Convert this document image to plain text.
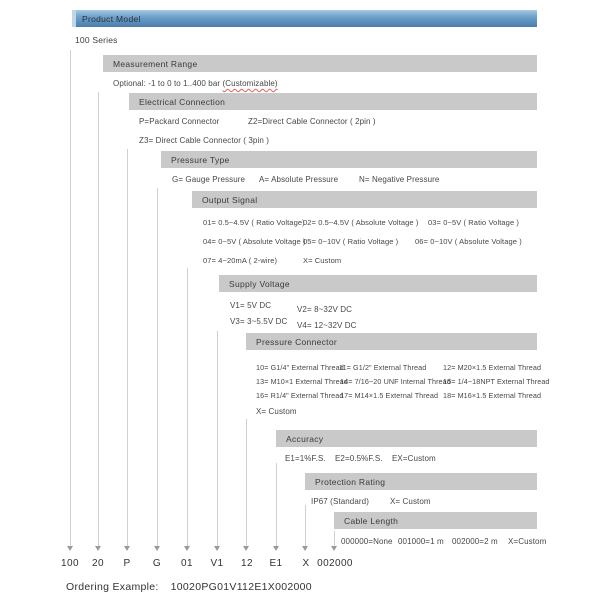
Product Model
100 Series
Measurement Range
Electrical Connection
Pressure Type
Output Signal
Supply Voltage
Pressure Connector
Accuracy
Protection Rating
Cable Length
Optional: -1 to 0 to 1..400 bar (Customizable)
P=Packard Connector	Z2=Direct Cable Connector ( 2pin )
Z3= Direct Cable Connector ( 3pin )
G= Gauge Pressure A= Absolute Pressure	N= Negative Pressure
01= 0.5~4.5V ( Ratio Voltage)
02= 0.5~4.5V ( Absolute Voltage ) 03= 0~5V ( Ratio Voltage )
04= 0~5V ( Absolute Voltage )
05= 0~10V ( Ratio Voltage ) 06= 0~10V ( Absolute Voltage )
07= 4~20mA ( 2-wire)	X= Custom
V1= 5V DC	V2= 8~32V DC
V3= 3~5.5V DC V4= 12~32V DC
10= G1/4" External Thread
11= G1/2" External Thread 12= M20×1.5 External Thread
13= M10×1 External Thread
14= 7/16~20 UNF Internal Thread
15= 1/4~18NPT External Thread
16= R1/4" External Thread
17= M14×1.5 External Thread 18= M16×1.5 External Thread
X= Custom
E1=1%F.S. E2=0.5%F.S. EX=Custom
IP67 (Standard)	X= Custom
000000=None 001000=1 m 002000=2 m X=Custom
100 20 P G 01 V1 12 E1 X 002000
Ordering Example: 10020PG01V112E1X002000
